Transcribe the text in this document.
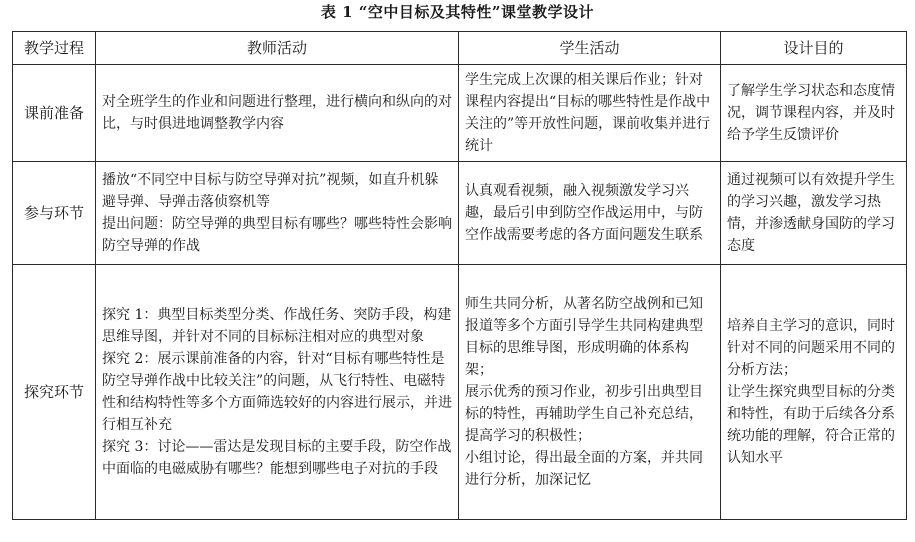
表 1 “空中目标及其特性”课堂教学设计
教学过程	教师活动	学生活动	设计目的
课前准备	对全班学生的作业和问题进行整理，进行横向和纵向的对比，与时俱进地调整教学内容	学生完成上次课的相关课后作业；针对课程内容提出“目标的哪些特性是作战中关注的”等开放性问题，课前收集并进行统计	了解学生学习状态和态度情况，调节课程内容，并及时给予学生反馈评价

参与环节	播放“不同空中目标与防空导弹对抗”视频，如直升机躲避导弹、导弹击落侦察机等
提出问题：防空导弹的典型目标有哪些？哪些特性会影响防空导弹的作战	认真观看视频，融入视频激发学习兴趣，最后引申到防空作战运用中，与防空作战需要考虑的各方面问题发生联系	通过视频可以有效提升学生的学习兴趣，激发学习热情，并渗透献身国防的学习态度

探究环节	探究 1：典型目标类型分类、作战任务、突防手段，构建思维导图，并针对不同的目标标注相对应的典型对象
探究 2：展示课前准备的内容，针对“目标有哪些特性是防空导弹作战中比较关注”的问题，从飞行特性、电磁特性和结构特性等多个方面筛选较好的内容进行展示，并进行相互补充
探究 3：讨论——雷达是发现目标的主要手段，防空作战中面临的电磁威胁有哪些？能想到哪些电子对抗的手段	师生共同分析，从著名防空战例和已知报道等多个方面引导学生共同构建典型目标的思维导图，形成明确的体系构架；
展示优秀的预习作业，初步引出典型目标的特性，再辅助学生自己补充总结，提高学习的积极性；
小组讨论，得出最全面的方案，并共同进行分析，加深记忆	培养自主学习的意识，同时针对不同的问题采用不同的分析方法；
让学生探究典型目标的分类和特性，有助于后续各分系统功能的理解，符合正常的认知水平
